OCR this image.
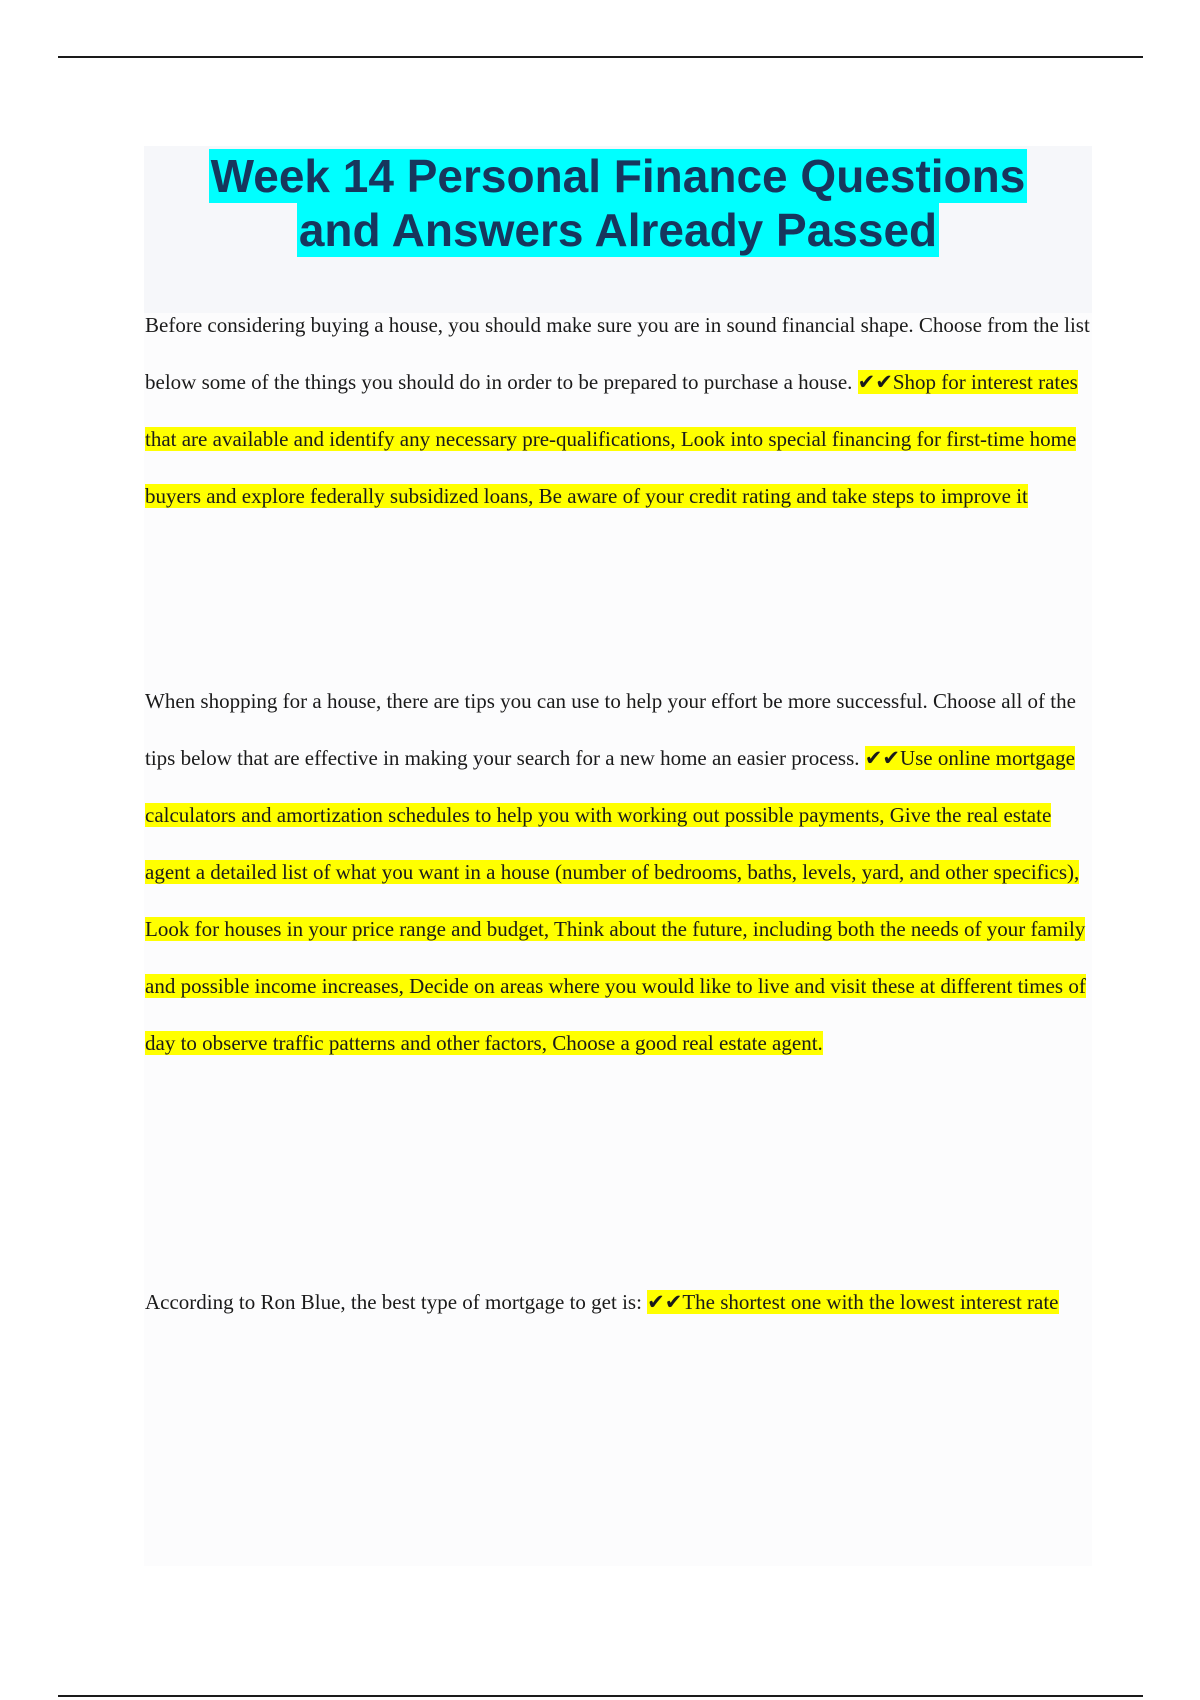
Week 14 Personal Finance Questions
and Answers Already Passed

Before considering buying a house, you should make sure you are in sound financial shape. Choose from the list below some of the things you should do in order to be prepared to purchase a house. ✔✔Shop for interest rates that are available and identify any necessary pre-qualifications, Look into special financing for first-time home buyers and explore federally subsidized loans, Be aware of your credit rating and take steps to improve it

When shopping for a house, there are tips you can use to help your effort be more successful. Choose all of the tips below that are effective in making your search for a new home an easier process. ✔✔Use online mortgage calculators and amortization schedules to help you with working out possible payments, Give the real estate agent a detailed list of what you want in a house (number of bedrooms, baths, levels, yard, and other specifics), Look for houses in your price range and budget, Think about the future, including both the needs of your family and possible income increases, Decide on areas where you would like to live and visit these at different times of day to observe traffic patterns and other factors, Choose a good real estate agent.

According to Ron Blue, the best type of mortgage to get is: ✔✔The shortest one with the lowest interest rate
